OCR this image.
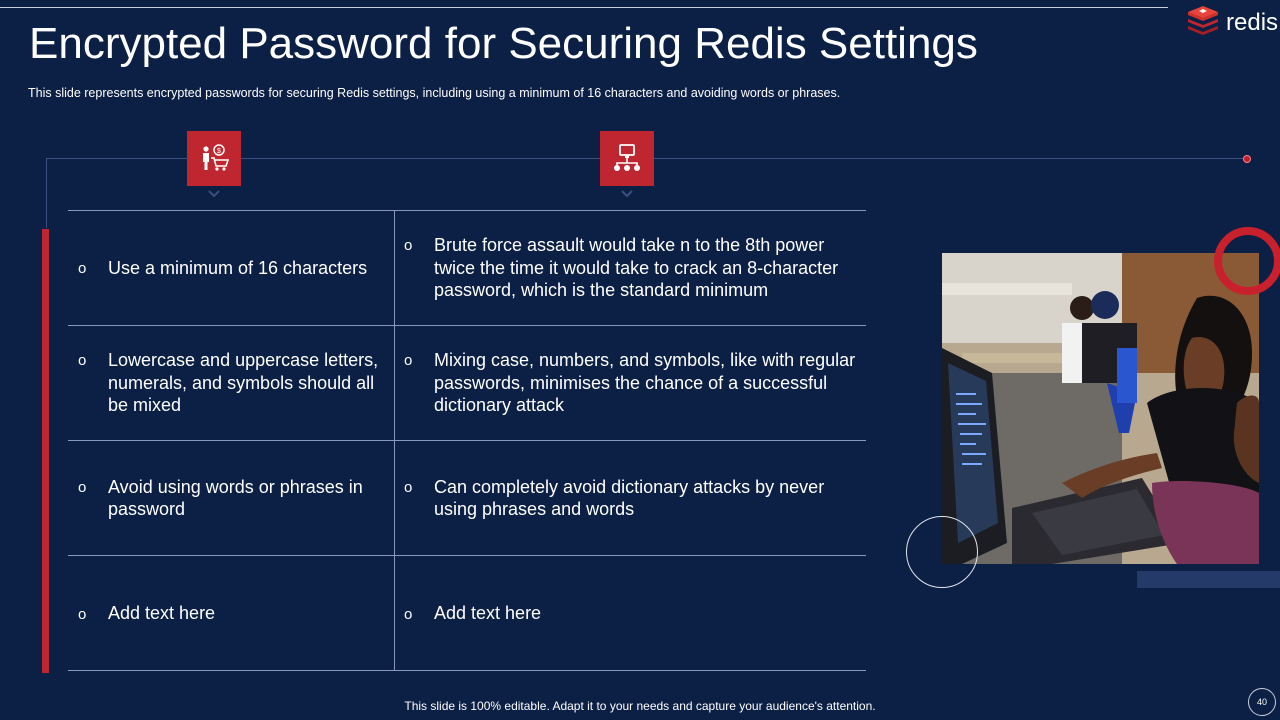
Encrypted Password for Securing Redis Settings
This slide represents encrypted passwords for securing Redis settings, including using a minimum of 16 characters and avoiding words or phrases.
redis
$
o Use a minimum of 16 characters
o Brute force assault would take n to the 8th power twice the time it would take to crack an 8-character password, which is the standard minimum
o Lowercase and uppercase letters, numerals, and symbols should all be mixed
o Mixing case, numbers, and symbols, like with regular passwords, minimises the chance of a successful dictionary attack
o Avoid using words or phrases in password
o Can completely avoid dictionary attacks by never using phrases and words
o Add text here	o Add text here
This slide is 100% editable. Adapt it to your needs and capture your audience's attention.	40
